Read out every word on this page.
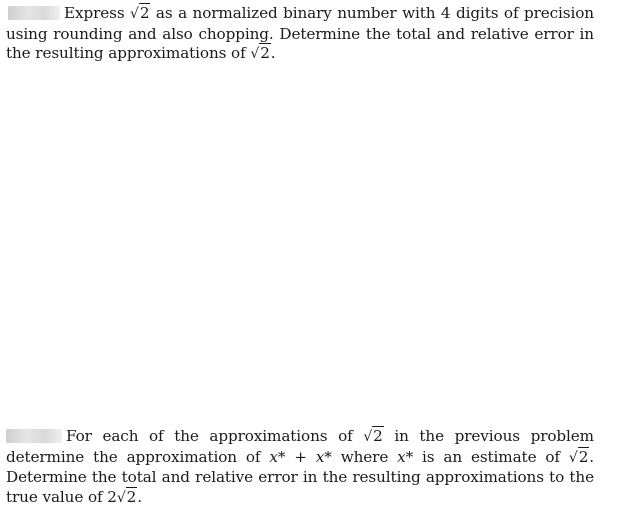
Express √2 as a normalized binary number with 4 digits of precision using rounding and also chopping. Determine the total and relative error in the resulting approximations of √2.
For each of the approximations of √2 in the previous problem determine the approximation of x* + x* where x* is an estimate of √2. Determine the total and relative error in the resulting approximations to the true value of 2√2.
